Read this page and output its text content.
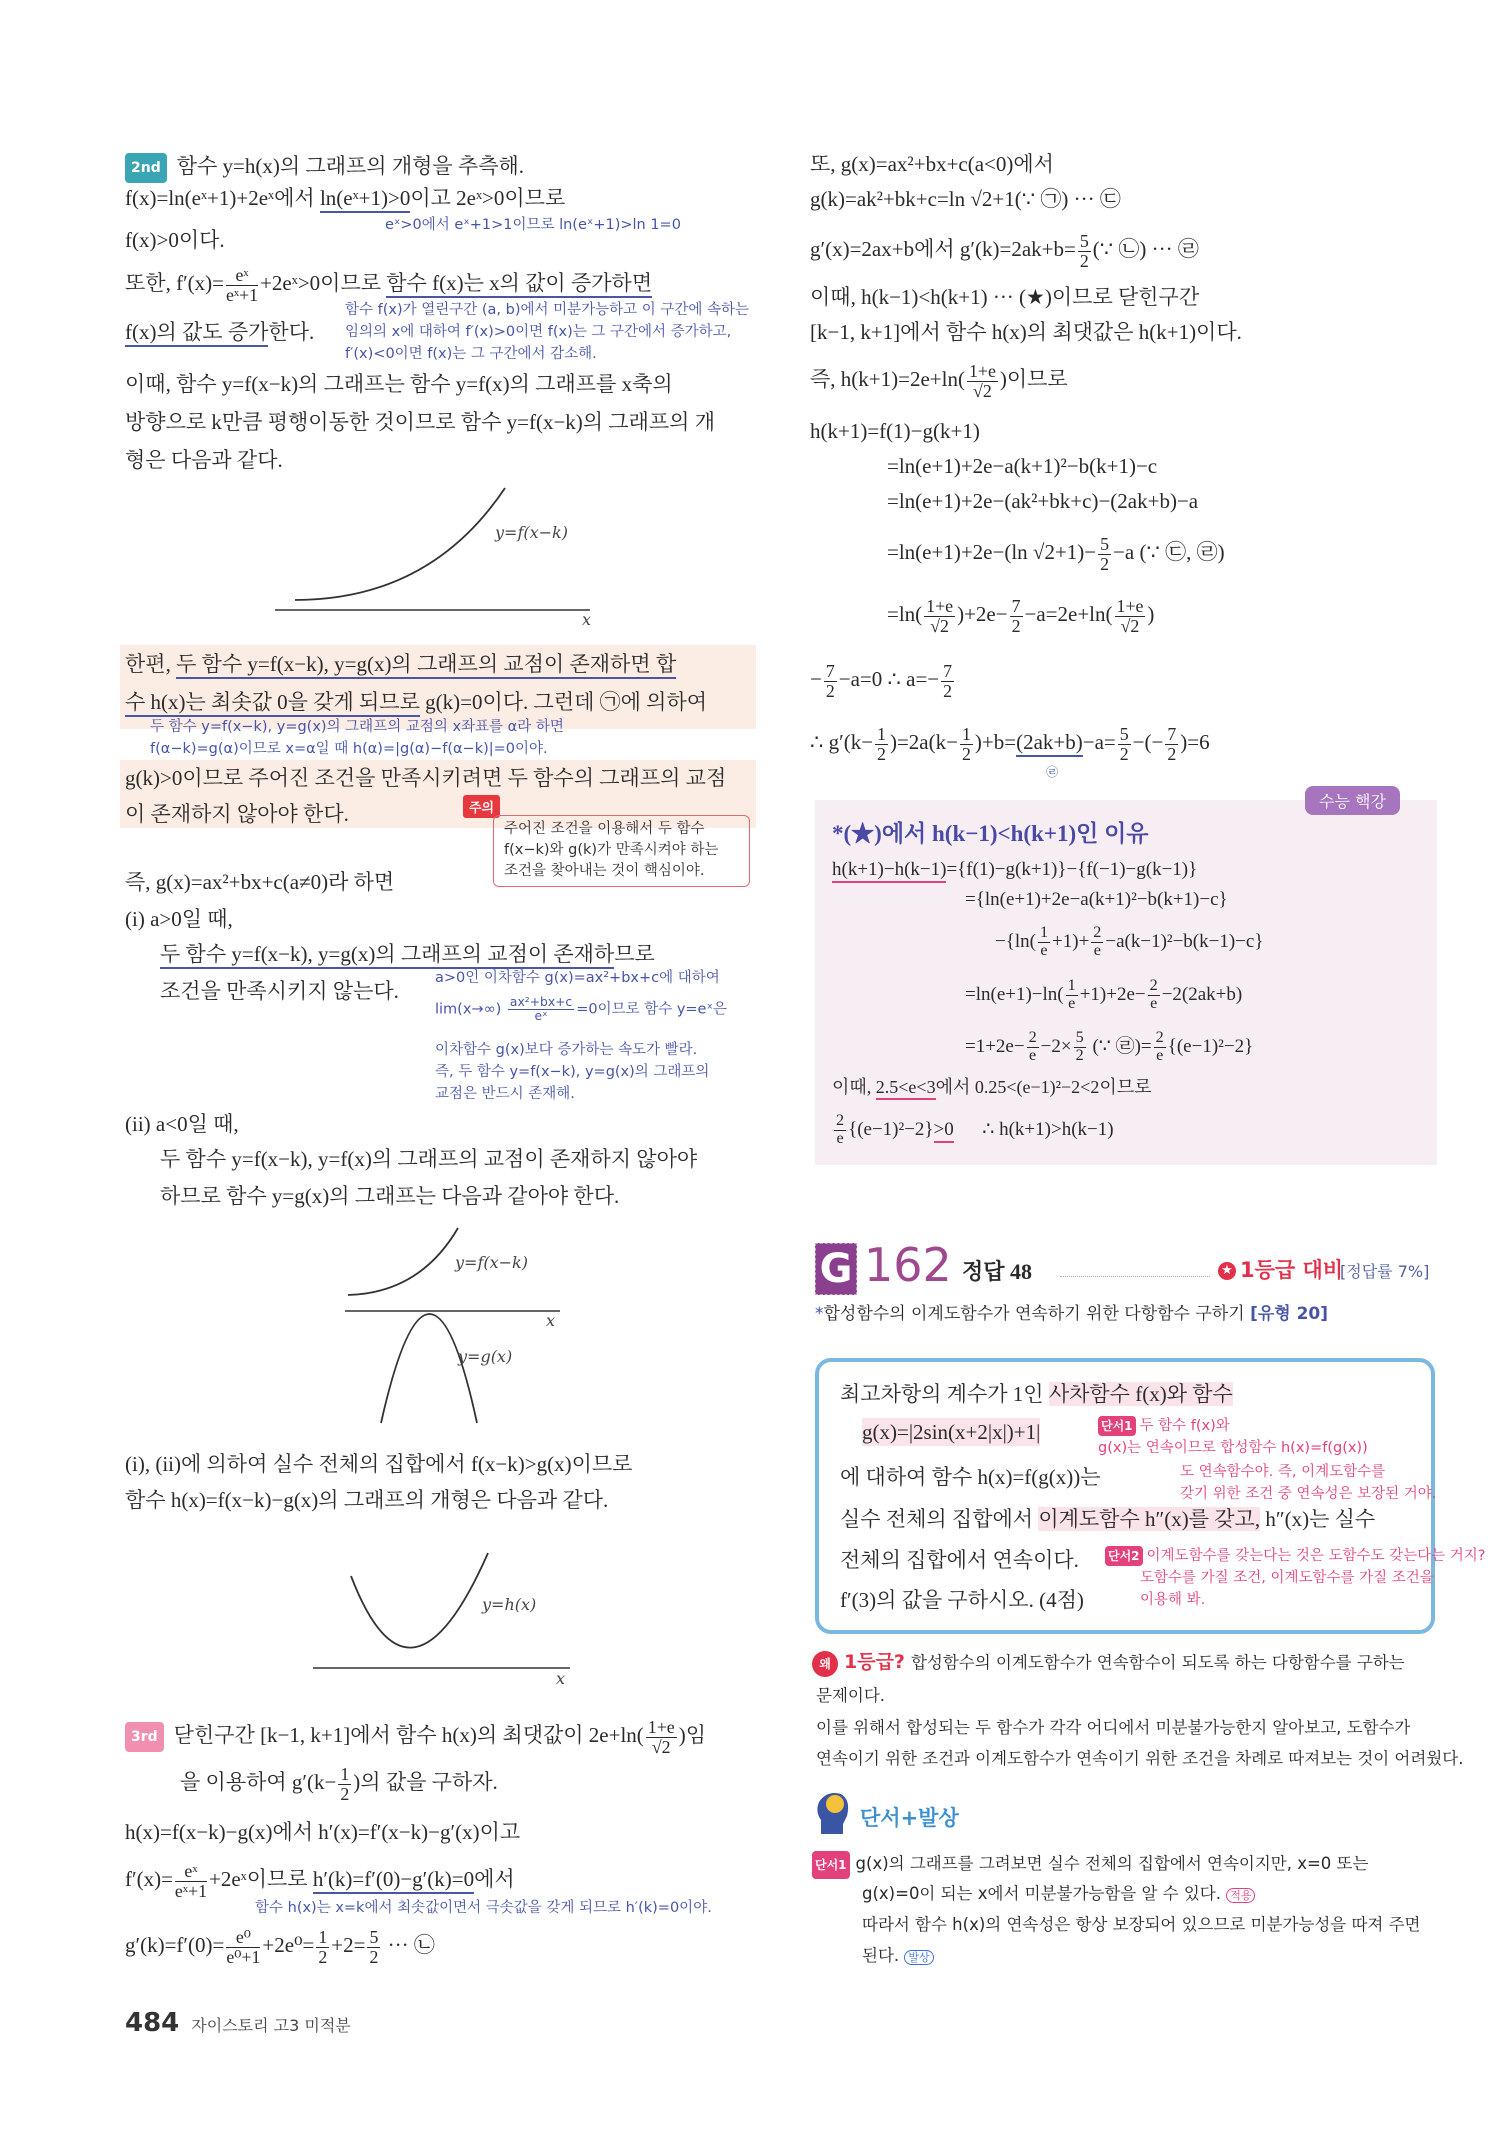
2nd 함수 y=h(x)의 그래프의 개형을 추측해.
f(x)=ln(eˣ+1)+2eˣ에서 ln(eˣ+1)>0이고 2eˣ>0이므로
eˣ>0에서 eˣ+1>1이므로 ln(eˣ+1)>ln 1=0
f(x)>0이다.
또한, $f'(x)= \frac{\text{eˣ}}{\text{eˣ+1}}$ +2eˣ>0이므로 함수 f(x)는 x의 값이 증가하면
f(x)의 값도 증가한다.
함수 f(x)가 열린구간 (a, b)에서 미분가능하고 이 구간에 속하는
임의의 x에 대하여 f′(x)>0이면 f(x)는 그 구간에서 증가하고,
f′(x)<0이면 f(x)는 그 구간에서 감소해.
이때, 함수 y=f(x−k)의 그래프는 함수 y=f(x)의 그래프를 x축의
방향으로 k만큼 평행이동한 것이므로 함수 y=f(x−k)의 그래프의 개
형은 다음과 같다.
y=f(x−k)
x
한편, 두 함수 y=f(x−k), y=g(x)의 그래프의 교점이 존재하면 합
수 h(x)는 최솟값 0을 갖게 되므로 g(k)=0이다. 그런데 ㉠에 의하여
두 함수 y=f(x−k), y=g(x)의 그래프의 교점의 x좌표를 α라 하면
f(α−k)=g(α)이므로 x=α일 때 h(α)=|g(α)−f(α−k)|=0이야.
g(k)>0이므로 주어진 조건을 만족시키려면 두 함수의 그래프의 교점
이 존재하지 않아야 한다.	주의
주어진 조건을 이용해서 두 함수
f(x−k)와 g(k)가 만족시켜야 하는
조건을 찾아내는 것이 핵심이야.
즉, g(x)=ax²+bx+c(a≠0)라 하면
(i) a>0일 때,
두 함수 y=f(x−k), y=g(x)의 그래프의 교점이 존재하므로
조건을 만족시키지 않는다.
a>0인 이차함수 g(x)=ax²+bx+c에 대하여
$\lim(x\to\infty) \frac{\text{ax²+bx+c}}{\text{eˣ}} =0$이므로 함수 y=eˣ은
이차함수 g(x)보다 증가하는 속도가 빨라.
즉, 두 함수 y=f(x−k), y=g(x)의 그래프의
교점은 반드시 존재해.
(ii) a<0일 때,
두 함수 y=f(x−k), y=f(x)의 그래프의 교점이 존재하지 않아야
하므로 함수 y=g(x)의 그래프는 다음과 같아야 한다.
y=f(x−k)
y=g(x)
x
(i), (ii)에 의하여 실수 전체의 집합에서 f(x−k)>g(x)이므로
함수 h(x)=f(x−k)−g(x)의 그래프의 개형은 다음과 같다.
y=h(x)
x
3rd 닫힌구간 [k−1, k+1]에서 함수 h(x)의 최댓값이 $2e+\ln( \frac{1+e}{√2}$ )임
을 이용하여 $g'(k- \frac{1}{2}$ )의 값을 구하자.
h(x)=f(x−k)−g(x)에서 h′(x)=f′(x−k)−g′(x)이고
$f'(x)= \frac{\text{eˣ}}{\text{eˣ+1}}$ +2eˣ이므로 h′(k)=f′(0)−g′(k)=0에서
함수 h(x)는 x=k에서 최솟값이면서 극솟값을 갖게 되므로 h′(k)=0이야.
$g'(k)=f'(0)= \frac{\text{e⁰}}{\text{e⁰+1}} +2e^0= \frac{1}{2} +2= \frac{5}{2}$ ··· ㉡
484 자이스토리 고3 미적분
또, g(x)=ax²+bx+c(a<0)에서
g(k)=ak²+bk+c=ln √2+1(∵ ㉠) ··· ㉢
g′(x)=2ax+b에서 $g'(k)=2ak+b= \frac{5}{2}$ (∵ ㉡) ··· ㉣
이때, h(k−1)<h(k+1) ··· (★)이므로 닫힌구간
[k−1, k+1]에서 함수 h(x)의 최댓값은 h(k+1)이다.
즉, $h(k+1)=2e+\ln( \frac{1+e}{√2}$ )이므로
h(k+1)=f(1)−g(k+1)
=ln(e+1)+2e−a(k+1)²−b(k+1)−c
=ln(e+1)+2e−(ak²+bk+c)−(2ak+b)−a
=ln(e+1)+2e−(ln $√2+1)- \frac{5}{2} -a$ (∵ ㉢, ㉣)
$=\ln( \frac{1+e}{√2} )+2e- \frac{7}{2} -a=2e+\ln( \frac{1+e}{√2}$ )
− $\frac{7}{2} -a=0$ ∴ $a=- \frac{7}{2}$
∴ $g'(k- \frac{1}{2} )=2a(k- \frac{1}{2} )+b=(2ak+b)$
㉣
$-a= \frac{5}{2}$ −(− $\frac{7}{2} )=6$
수능 핵강
*(★)에서 h(k−1)<h(k+1)인 이유
h(k+1)−h(k−1)={f(1)−g(k+1)}−{f(−1)−g(k−1)}
={ln(e+1)+2e−a(k+1)²−b(k+1)−c}
$-\{\ln( \frac{1}{e} +1)+ \frac{2}{e} -a(k-1)^2-b(k-1)-c\}$
$=\ln(e+1)-\ln( \frac{1}{e} +1)+2e- \frac{2}{e} -2(2ak+b)$
$=1+2e- \frac{2}{e} -2\times \frac{5}{2}$ (∵ ㉣)= $\frac{2}{e} \{(e-1)^2-2\}$
이때, 2.5<e<3에서 0.25<(e−1)²−2<2이므로
$\frac{2}{e} \{(e-1)^2-2\}>0$      ∴ h(k+1)>h(k−1)
G 162 정답 48	★ 1등급 대비
[정답률 7%]
*합성함수의 이계도함수가 연속하기 위한 다항함수 구하기 [유형 20]
최고차항의 계수가 1인 사차함수 f(x)와 함수
g(x)=|2sin(x+2|x|)+1|
에 대하여 함수 h(x)=f(g(x))는
실수 전체의 집합에서 이계도함수 h″(x)를 갖고, h″(x)는 실수
전체의 집합에서 연속이다.
f′(3)의 값을 구하시오. (4점)
단서1 두 함수 f(x)와
g(x)는 연속이므로 합성함수 h(x)=f(g(x))
도 연속함수야. 즉, 이계도함수를
갖기 위한 조건 중 연속성은 보장된 거야.
단서2 이계도함수를 갖는다는 것은 도함수도 갖는다는 거지?
도함수를 가질 조건, 이계도함수를 가질 조건을
이용해 봐.
왜 1등급? 합성함수의 이계도함수가 연속함수이 되도록 하는 다항함수를 구하는
문제이다.
이를 위해서 합성되는 두 함수가 각각 어디에서 미분불가능한지 알아보고, 도함수가
연속이기 위한 조건과 이계도함수가 연속이기 위한 조건을 차례로 따져보는 것이 어려웠다.
단서+발상
단서1 g(x)의 그래프를 그려보면 실수 전체의 집합에서 연속이지만, x=0 또는
g(x)=0이 되는 x에서 미분불가능함을 알 수 있다. 적용
따라서 함수 h(x)의 연속성은 항상 보장되어 있으므로 미분가능성을 따져 주면
된다. 발상
